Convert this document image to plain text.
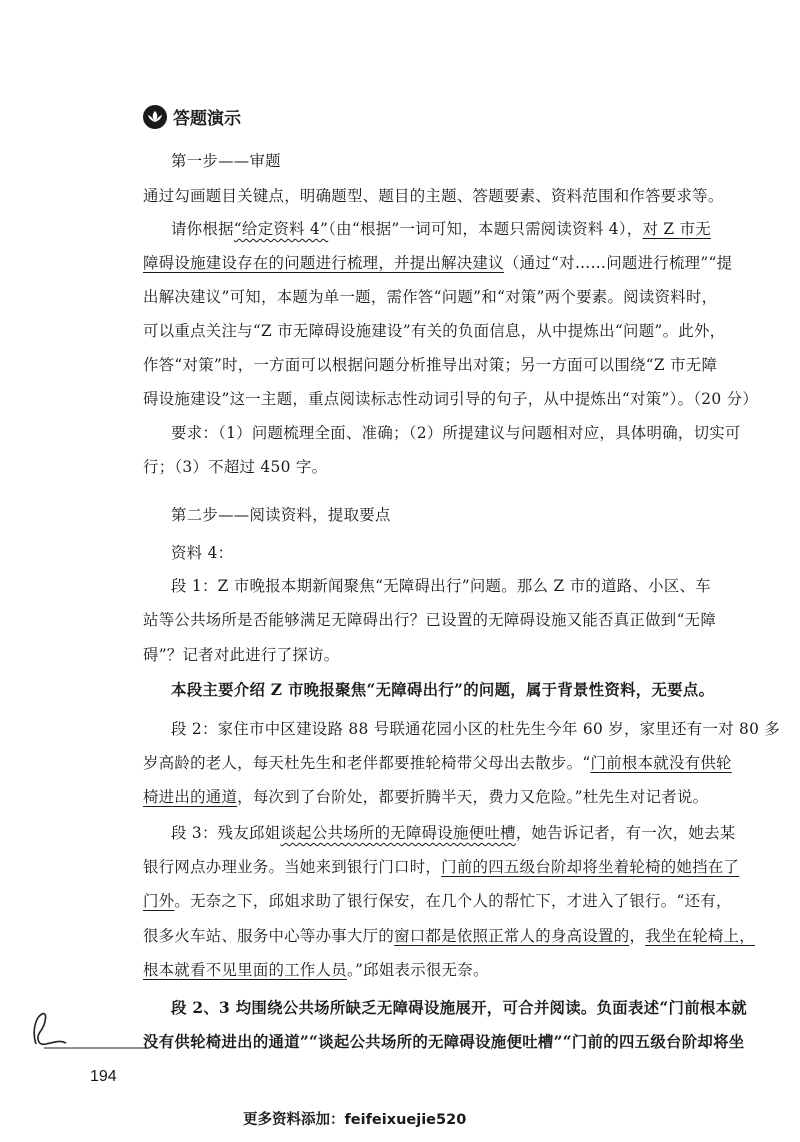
答题演示
第一步——审题
通过勾画题目关键点，明确题型、题目的主题、答题要素、资料范围和作答要求等。
请你根据“给定资料 4”（由“根据”一词可知，本题只需阅读资料 4），对 Z 市无
障碍设施建设存在的问题进行梳理，并提出解决建议（通过“对……问题进行梳理”“提
出解决建议”可知，本题为单一题，需作答“问题”和“对策”两个要素。阅读资料时，
可以重点关注与“Z 市无障碍设施建设”有关的负面信息，从中提炼出“问题”。此外，
作答“对策”时，一方面可以根据问题分析推导出对策；另一方面可以围绕“Z 市无障
碍设施建设”这一主题，重点阅读标志性动词引导的句子，从中提炼出“对策”）。（20 分）
要求：（1）问题梳理全面、准确；（2）所提建议与问题相对应，具体明确，切实可
行；（3）不超过 450 字。
第二步——阅读资料，提取要点
资料 4：
段 1：Z 市晚报本期新闻聚焦“无障碍出行”问题。那么 Z 市的道路、小区、车
站等公共场所是否能够满足无障碍出行？已设置的无障碍设施又能否真正做到“无障
碍”？记者对此进行了探访。
本段主要介绍 Z 市晚报聚焦“无障碍出行”的问题，属于背景性资料，无要点。
段 2：家住市中区建设路 88 号联通花园小区的杜先生今年 60 岁，家里还有一对 80 多
岁高龄的老人，每天杜先生和老伴都要推轮椅带父母出去散步。“门前根本就没有供轮
椅进出的通道，每次到了台阶处，都要折腾半天，费力又危险。”杜先生对记者说。
段 3：残友邱姐谈起公共场所的无障碍设施便吐槽，她告诉记者，有一次，她去某
银行网点办理业务。当她来到银行门口时，门前的四五级台阶却将坐着轮椅的她挡在了
门外。无奈之下，邱姐求助了银行保安，在几个人的帮忙下，才进入了银行。“还有，
很多火车站、服务中心等办事大厅的窗口都是依照正常人的身高设置的，我坐在轮椅上，
根本就看不见里面的工作人员。”邱姐表示很无奈。
段 2、3 均围绕公共场所缺乏无障碍设施展开，可合并阅读。负面表述“门前根本就
没有供轮椅进出的通道”“谈起公共场所的无障碍设施便吐槽”“门前的四五级台阶却将坐
194
更多资料添加：feifeixuejie520
